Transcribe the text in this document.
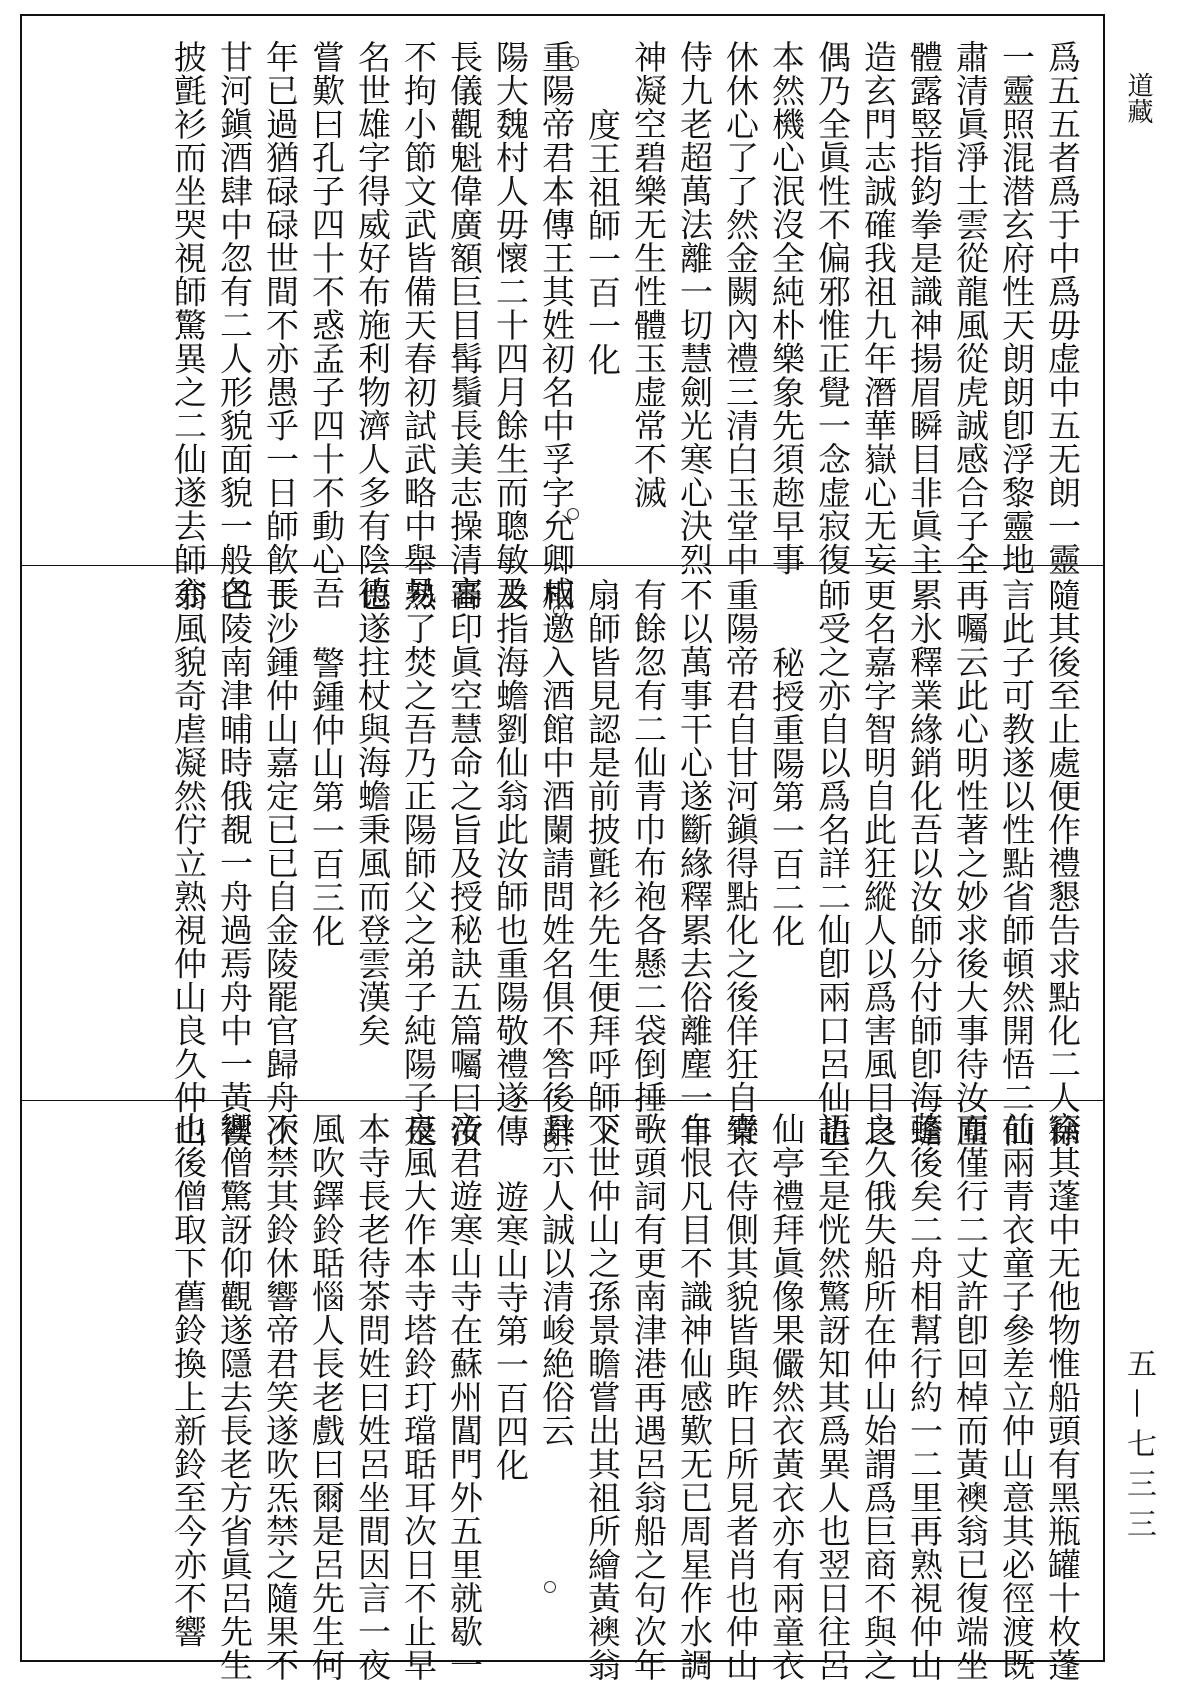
道藏
五—七三三

爲五五者爲于中爲毋虚中五无朗一靈

一靈照混潜玄府性天朗朗卽浮黎靈地

肅清眞淨土雲從龍風從虎誠感合子全

體露竪指鈞拳是識神揚眉瞬目非眞主

造玄門志誠確我祖九年潛華嶽心无妄

偶乃全眞性不偏邪惟正覺一念虚寂復

本然機心泯沒全純朴樂象先須趂早事

休休心了了然金闕內禮三清白玉堂中

侍九老超萬法離一切慧劍光寒心決烈

神凝空碧樂无生性體玉虚常不滅

度王祖師一百一化

重陽帝君本傳王其姓初名中孚字允卿咸

陽大魏村人毋懷二十四月餘生而聰敏及

長儀觀魁偉廣額巨目髯鬚長美志操清高

不拘小節文武皆備天春初試武略中舉易

名世雄字得威好布施利物濟人多有陰德

嘗歎曰孔子四十不惑孟子四十不動心吾

年已過猶碌碌世間不亦愚乎一日師飮于

甘河鎭酒肆中忽有二人形貌面貌一般各

披氈衫而坐哭視師驚異之二仙遂去師亦

隨其後至止處便作禮懇告求點化二人徐

言此子可教遂以性點省師頓然開悟二仙

再囑云此心明性著之妙求後大事待汝塵

累氷釋業緣銷化吾以汝師分付師卽海蟾

更名嘉字智明自此狂縱人以爲害風目之

師受之亦自以爲名詳二仙卽兩口呂仙也

秘授重陽第一百二化

重陽帝君自甘河鎭得點化之後佯狂自樂

不以萬事干心遂斷緣釋累去俗離塵一年

有餘忽有二仙青巾布袍各懸二袋倒捶一

扇師皆見認是前披氈衫先生便拜呼師父

相邀入酒館中酒闌請問姓名俱不答後辭

去指海蟾劉仙翁此汝師也重陽敬禮遂傳

審印眞空慧命之旨及授秘訣五篇囑曰汝

熟了焚之吾乃正陽師父之弟子純陽子是

也遂拄杖與海蟾秉風而登雲漢矣

警鍾仲山第一百三化

長沙鍾仲山嘉定已已自金陵罷官歸舟次

巴陵南津晡時俄覩一舟過焉舟中一黃襖

翁風貌奇虐凝然佇立熟視仲山良久仲山

竊其蓬中无他物惟船頭有黑瓶罐十枚蓬

前兩青衣童子參差立仲山意其必徑渡既

而僅行二丈許卽回棹而黃襖翁已復端坐

蓬後矣二舟相幫行約一二里再熟視仲山

良久俄失船所在仲山始謂爲巨商不與之

語至是恍然驚訝知其爲異人也翌日往呂

仙亭禮拜眞像果儼然衣黃衣亦有兩童衣

青衣侍側其貌皆與昨日所見者肖也仲山

自恨凡目不識神仙感歎无已周星作水調

歌頭詞有更南津港再遇呂翁船之句次年

下世仲山之孫景瞻嘗出其祖所繪黃襖翁

具示人誠以清峻絶俗云

遊寒山寺第一百四化

帝君遊寒山寺在蘇州閶門外五里就歇一

夜風大作本寺塔鈴玎璫聒耳次日不止早

本寺長老待茶問姓曰姓呂坐間因言一夜

風吹鐸鈴聒惱人長老戲曰爾是呂先生何

不禁其鈴休響帝君笑遂吹炁禁之隨果不

響僧驚訝仰觀遂隱去長老方省眞呂先生

也後僧取下舊鈴換上新鈴至今亦不響
